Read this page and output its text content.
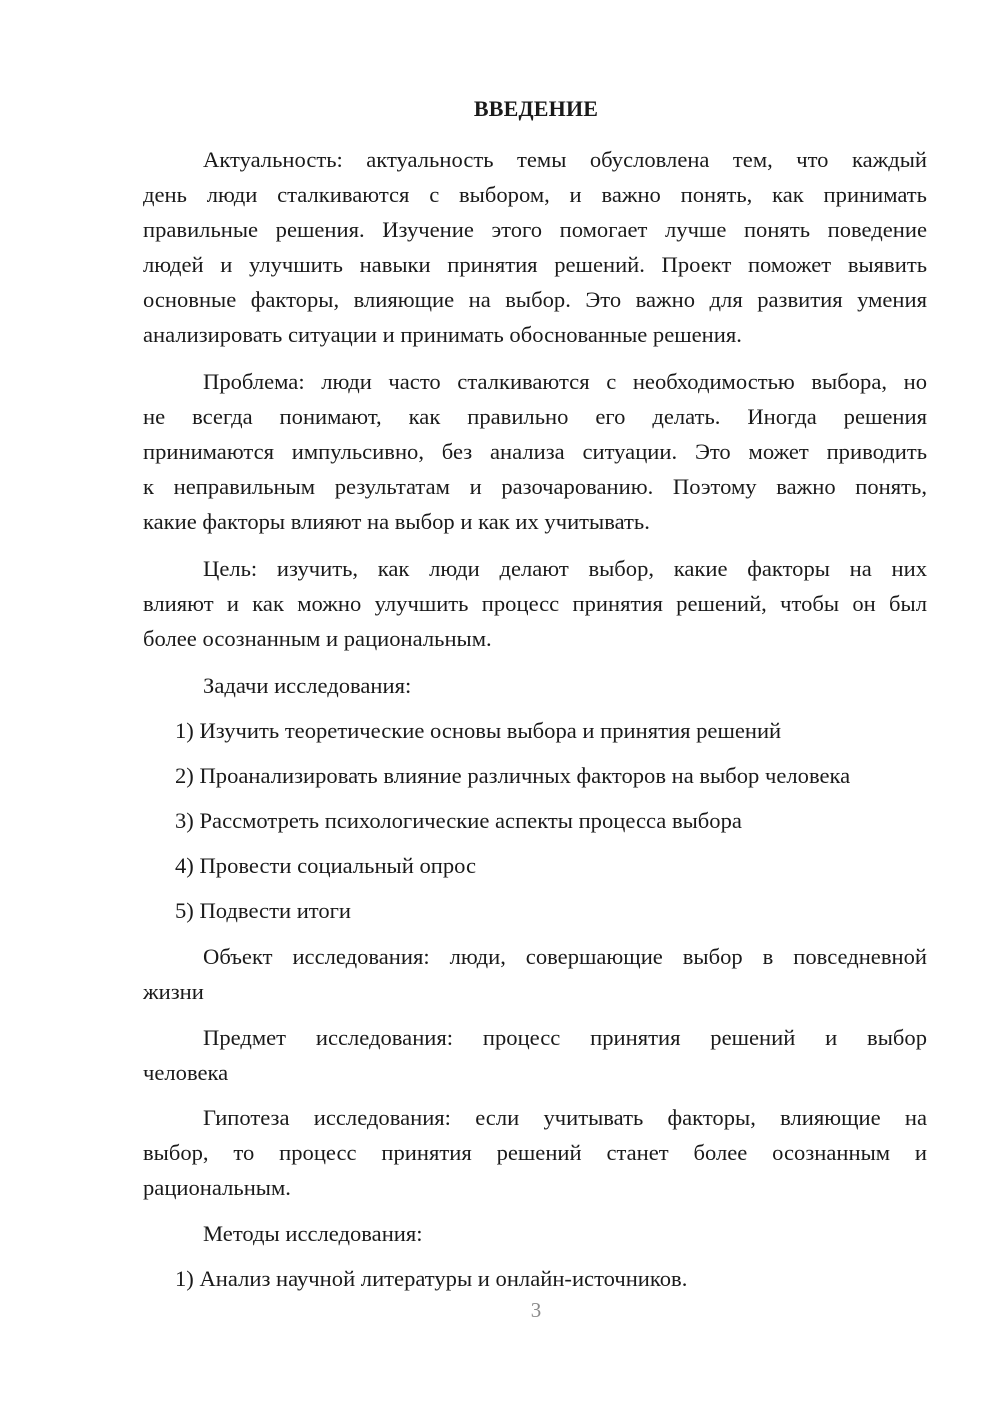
ВВЕДЕНИЕ
Актуальность: актуальность темы обусловлена тем, что каждый
день люди сталкиваются с выбором, и важно понять, как принимать
правильные решения. Изучение этого помогает лучше понять поведение
людей и улучшить навыки принятия решений. Проект поможет выявить
основные факторы, влияющие на выбор. Это важно для развития умения
анализировать ситуации и принимать обоснованные решения.
Проблема: люди часто сталкиваются с необходимостью выбора, но
не всегда понимают, как правильно его делать. Иногда решения
принимаются импульсивно, без анализа ситуации. Это может приводить
к неправильным результатам и разочарованию. Поэтому важно понять,
какие факторы влияют на выбор и как их учитывать.
Цель: изучить, как люди делают выбор, какие факторы на них
влияют и как можно улучшить процесс принятия решений, чтобы он был
более осознанным и рациональным.
Задачи исследования:
1) Изучить теоретические основы выбора и принятия решений
2) Проанализировать влияние различных факторов на выбор человека
3) Рассмотреть психологические аспекты процесса выбора
4) Провести социальный опрос
5) Подвести итоги
Объект исследования: люди, совершающие выбор в повседневной
жизни
Предмет исследования: процесс принятия решений и выбор
человека
Гипотеза исследования: если учитывать факторы, влияющие на
выбор, то процесс принятия решений станет более осознанным и
рациональным.
Методы исследования:
1) Анализ научной литературы и онлайн-источников.
3
